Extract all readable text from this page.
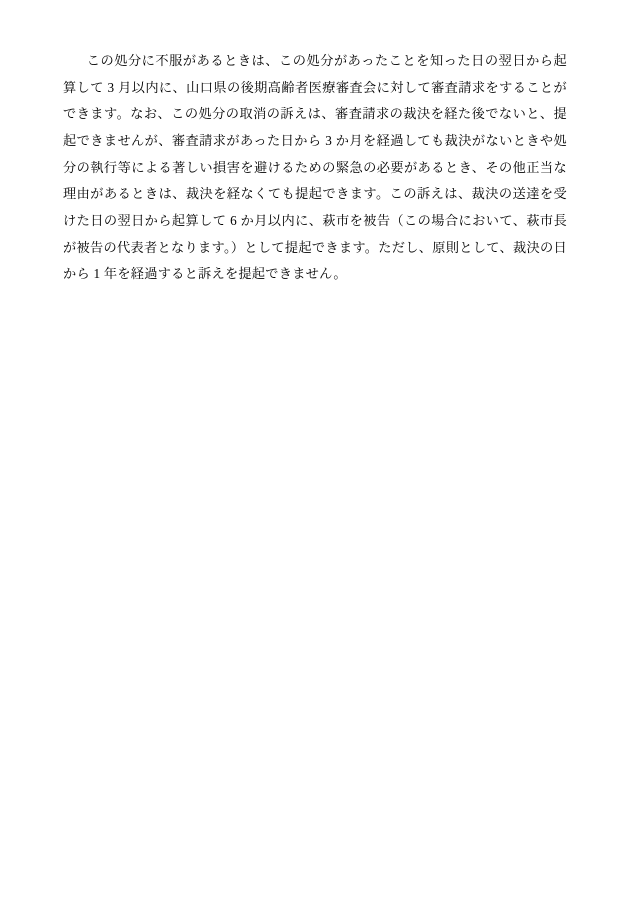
この処分に不服があるときは、この処分があったことを知った日の翌日から起算して 3 月以内に、山口県の後期高齢者医療審査会に対して審査請求をすることができます。なお、この処分の取消の訴えは、審査請求の裁決を経た後でないと、提起できませんが、審査請求があった日から 3 か月を経過しても裁決がないときや処分の執行等による著しい損害を避けるための緊急の必要があるとき、その他正当な理由があるときは、裁決を経なくても提起できます。この訴えは、裁決の送達を受けた日の翌日から起算して 6 か月以内に、萩市を被告（この場合において、萩市長が被告の代表者となります。）として提起できます。ただし、原則として、裁決の日から 1 年を経過すると訴えを提起できません。
